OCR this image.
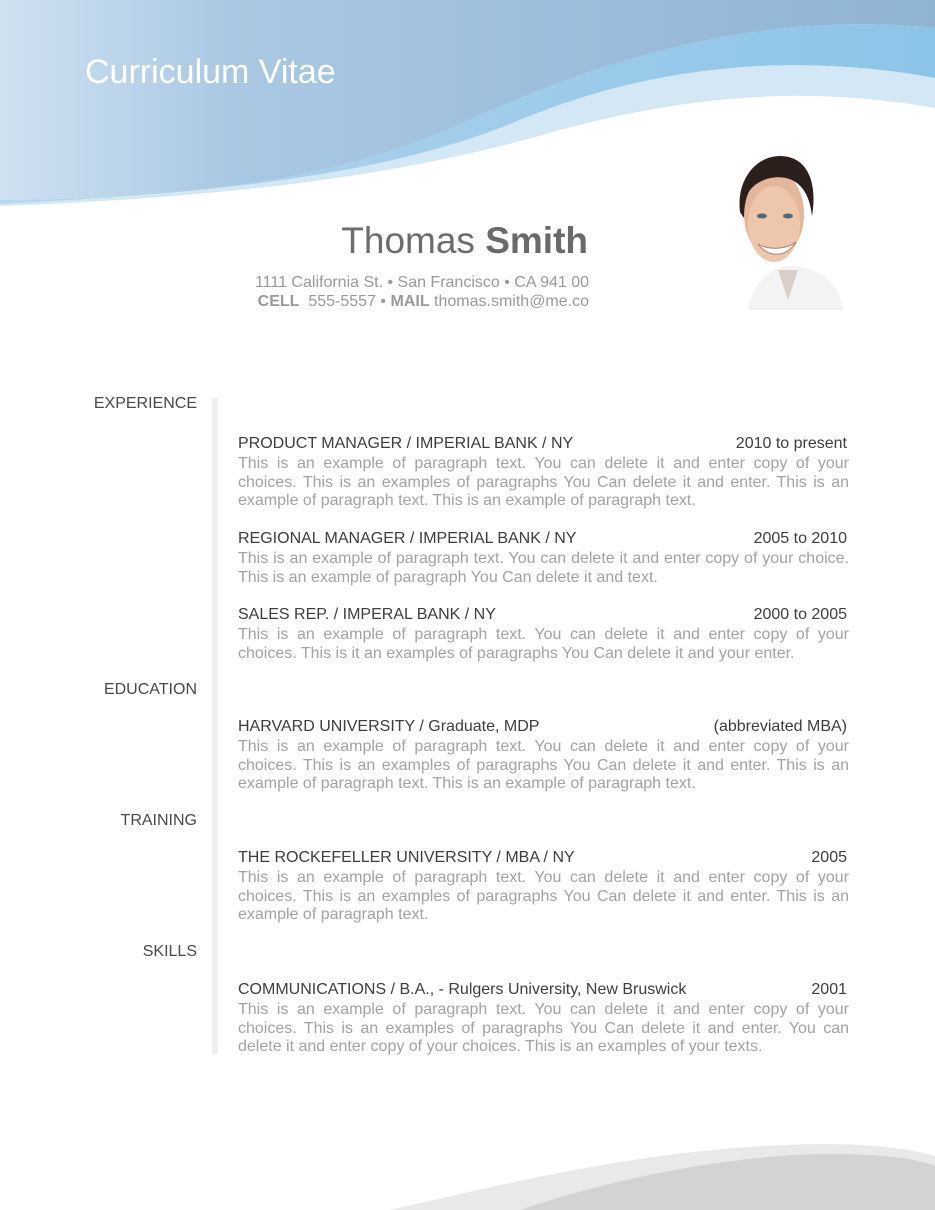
Curriculum Vitae
Thomas Smith
1111 California St. • San Francisco • CA 941 00
CELL 555-5557 • MAIL thomas.smith@me.co
EXPERIENCE
EDUCATION
TRAINING
SKILLS
PRODUCT MANAGER / IMPERIAL BANK / NY	2010 to present
This is an example of paragraph text. You can delete it and enter copy of your choices. This is an examples of paragraphs You Can delete it and enter. This is an example of paragraph text. This is an example of paragraph text.
REGIONAL MANAGER / IMPERIAL BANK / NY	2005 to 2010
This is an example of paragraph text. You can delete it and enter copy of your choice. This is an example of paragraph You Can delete it and text.
SALES REP. / IMPERAL BANK / NY	2000 to 2005
This is an example of paragraph text. You can delete it and enter copy of your choices. This is it an examples of paragraphs You Can delete it and your enter.
HARVARD UNIVERSITY / Graduate, MDP	(abbreviated MBA)
This is an example of paragraph text. You can delete it and enter copy of your choices. This is an examples of paragraphs You Can delete it and enter. This is an example of paragraph text. This is an example of paragraph text.
THE ROCKEFELLER UNIVERSITY / MBA / NY	2005
This is an example of paragraph text. You can delete it and enter copy of your choices. This is an examples of paragraphs You Can delete it and enter. This is an example of paragraph text.
COMMUNICATIONS / B.A., - Rulgers University, New Bruswick	2001
This is an example of paragraph text. You can delete it and enter copy of your choices. This is an examples of paragraphs You Can delete it and enter. You can delete it and enter copy of your choices. This is an examples of your texts.
